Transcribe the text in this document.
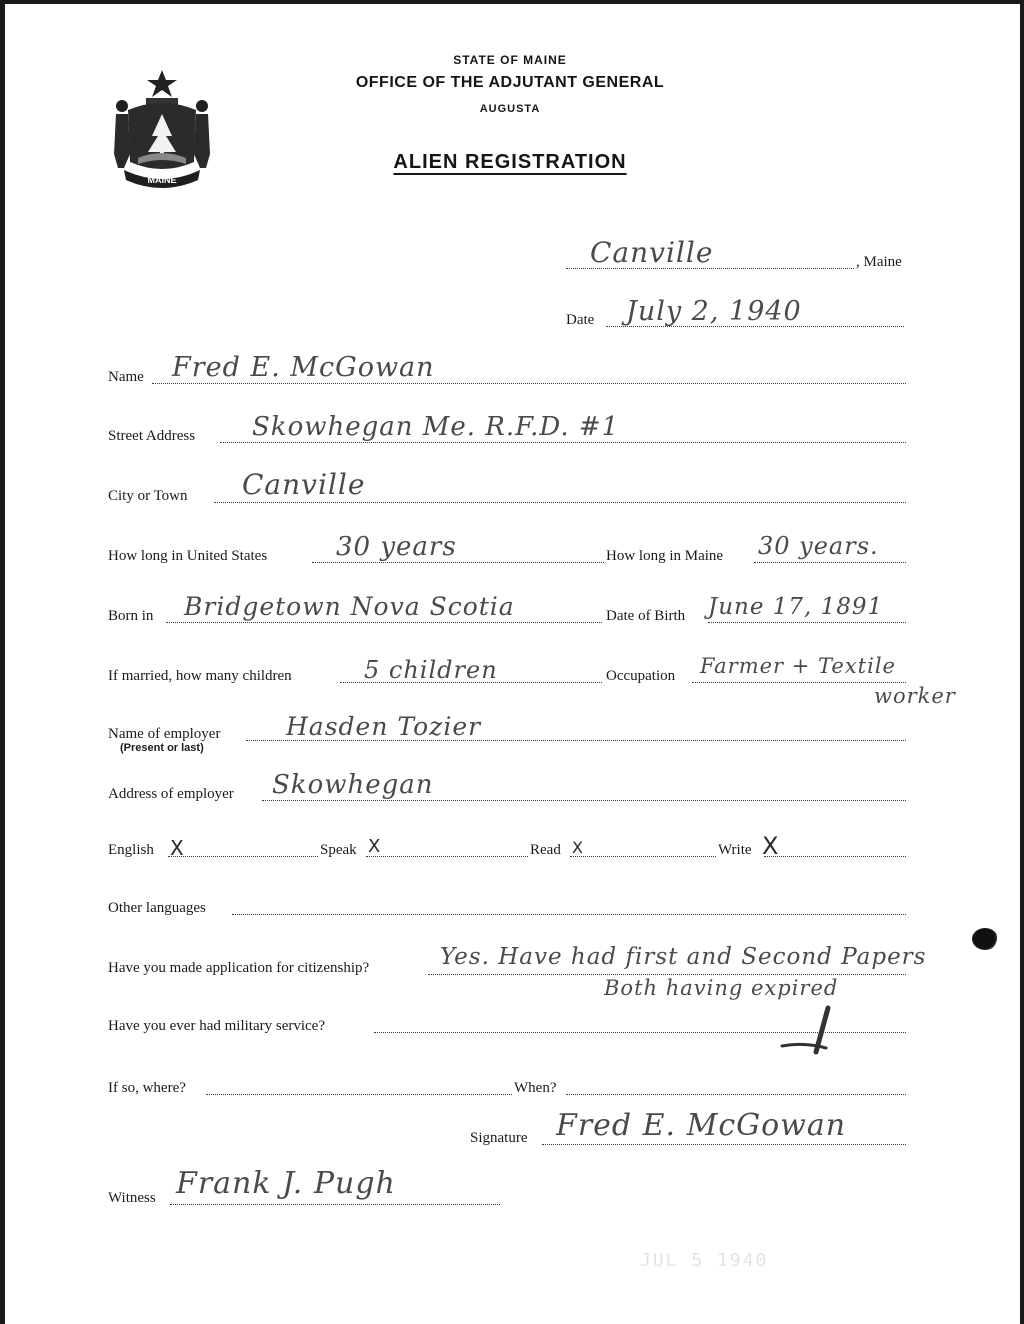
MAINE
STATE OF MAINE
OFFICE OF THE ADJUTANT GENERAL
AUGUSTA
ALIEN REGISTRATION
Canville	, Maine
Date July 2, 1940
Name Fred E. McGowan
Street Address Skowhegan Me. R.F.D. #1
City or Town Canville
How long in United States	30 years	How long in Maine 30 years.
Born in Bridgetown Nova Scotia	Date of Birth June 17, 1891
If married, how many children	5 children	Occupation Farmer + Textile
worker
Name of employer
(Present or last)
Hasden Tozier
Address of employer Skowhegan
English X	Speak X	Read X	Write X
Other languages
Have you made application for citizenship?	Yes. Have had first and Second Papers
Both having expired
Have you ever had military service?
If so, where?	When?
Signature Fred E. McGowan
Witness Frank J. Pugh
JUL 5 1940
